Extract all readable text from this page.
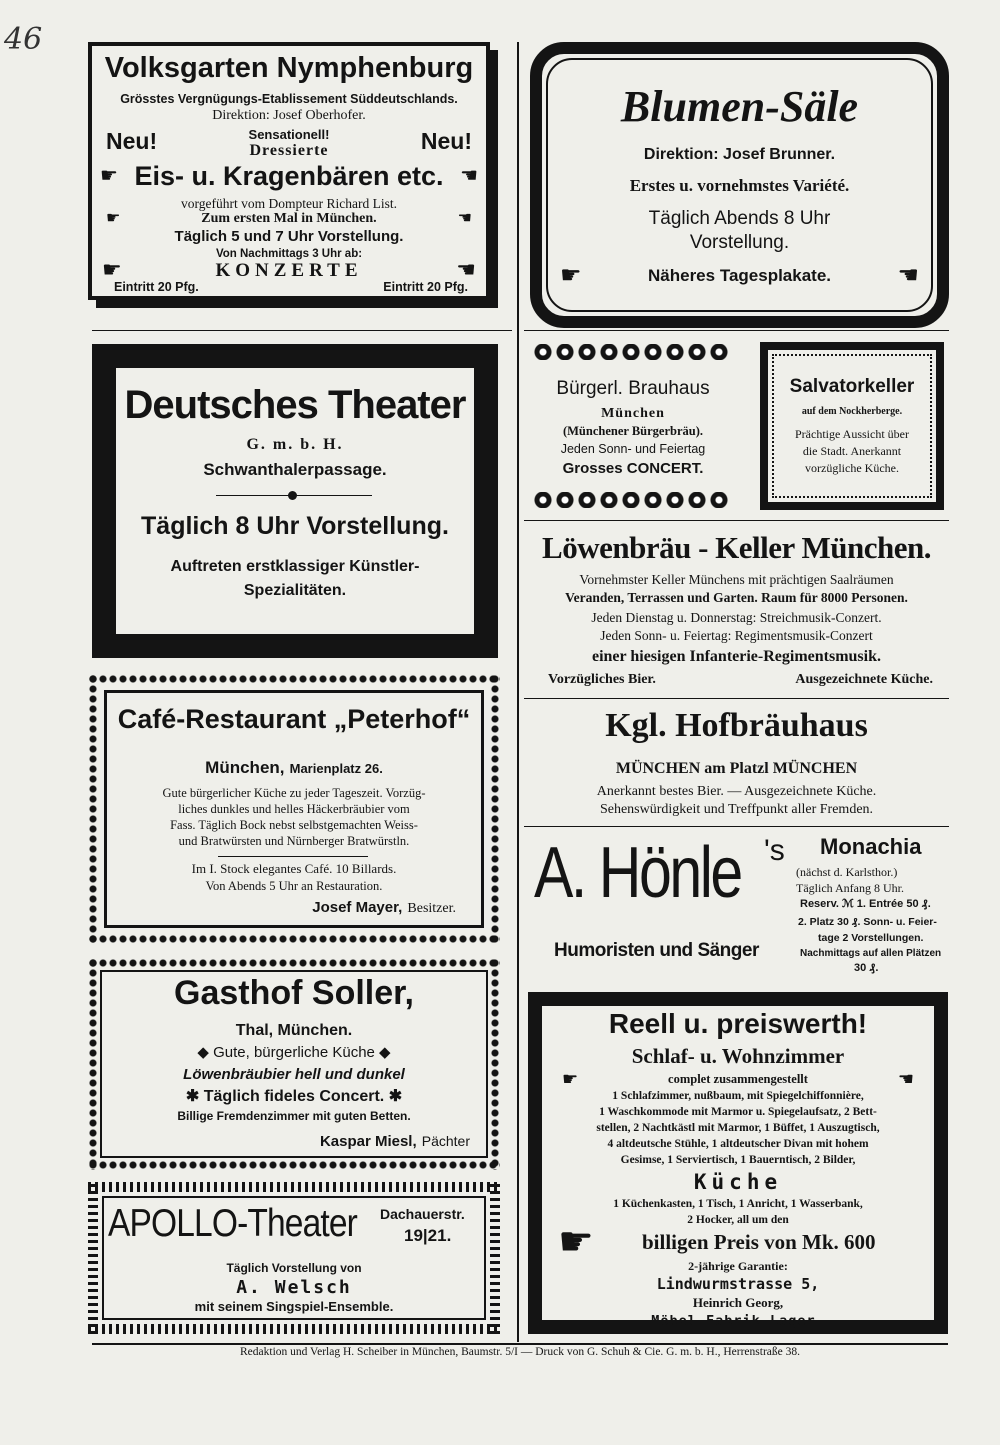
46
Volksgarten Nymphenburg
Grösstes Vergnügungs-Etablissement Süddeutschlands.
Direktion: Josef Oberhofer.
Neu!	Sensationell!
Dressierte	Neu!
☛ Eis- u. Kragenbären etc. ☚
vorgeführt vom Dompteur Richard List.
☛	Zum ersten Mal in München.	☚
Täglich 5 und 7 Uhr Vorstellung.
Von Nachmittags 3 Uhr ab:
☛	KONZERTE	☚
Eintritt 20 Pfg.	Eintritt 20 Pfg.
Blumen-Säle
Direktion: Josef Brunner.
Erstes u. vornehmstes Variété.
Täglich Abends 8 Uhr
Vorstellung.
☛	Näheres Tagesplakate.	☚
Deutsches Theater
G. m. b. H.
Schwanthalerpassage.
Täglich 8 Uhr Vorstellung.
Auftreten erstklassiger Künstler-
Spezialitäten.
Bürgerl. Brauhaus
München
(Münchener Bürgerbräu).
Jeden Sonn- und Feiertag
Grosses CONCERT.
Salvatorkeller
auf dem Nockherberge.
Prächtige Aussicht über
die Stadt. Anerkannt
vorzügliche Küche.
Löwenbräu - Keller München.
Vornehmster Keller Münchens mit prächtigen Saalräumen
Veranden, Terrassen und Garten. Raum für 8000 Personen.
Jeden Dienstag u. Donnerstag: Streichmusik-Conzert.
Jeden Sonn- u. Feiertag: Regimentsmusik-Conzert
einer hiesigen Infanterie-Regimentsmusik.
Vorzügliches Bier.	Ausgezeichnete Küche.
Café-Restaurant „Peterhof“
München, Marienplatz 26.
Gute bürgerlicher Küche zu jeder Tageszeit. Vorzüg-
liches dunkles und helles Häckerbräubier vom
Fass. Täglich Bock nebst selbstgemachten Weiss-
und Bratwürsten und Nürnberger Bratwürstln.
Im I. Stock elegantes Café. 10 Billards.
Von Abends 5 Uhr an Restauration.
Josef Mayer, Besitzer.
Kgl. Hofbräuhaus
MÜNCHEN am Platzl MÜNCHEN
Anerkannt bestes Bier. — Ausgezeichnete Küche.
Sehenswürdigkeit und Treffpunkt aller Fremden.
A. Hönle 's
Humoristen und Sänger
Monachia
(nächst d. Karlsthor.)
Täglich Anfang 8 Uhr.
Reserv. ℳ 1. Entrée 50 ₰.
2. Platz 30 ₰. Sonn- u. Feier-
tage 2 Vorstellungen.
Nachmittags auf allen Plätzen
30 ₰.
Gasthof Soller,
Thal, München.
◆ Gute, bürgerliche Küche ◆
Löwenbräubier hell und dunkel
✱ Täglich fideles Concert. ✱
Billige Fremdenzimmer mit guten Betten.
Kaspar Miesl, Pächter
Reell u. preiswerth!
Schlaf- u. Wohnzimmer
☛	complet zusammengestellt	☚
1 Schlafzimmer, nußbaum, mit Spiegelchiffonnière,
1 Waschkommode mit Marmor u. Spiegelaufsatz, 2 Bett-
stellen, 2 Nachtkästl mit Marmor, 1 Büffet, 1 Auszugtisch,
4 altdeutsche Stühle, 1 altdeutscher Divan mit hohem
Gesimse, 1 Serviertisch, 1 Bauerntisch, 2 Bilder,
Küche
1 Küchenkasten, 1 Tisch, 1 Anricht, 1 Wasserbank,
2 Hocker, all um den
☛ billigen Preis von Mk. 600
2-jährige Garantie:
Lindwurmstrasse 5,
Heinrich Georg,
Möbel-Fabrik-Lager.
APOLLO-Theater	Dachauerstr.
19|21.
Täglich Vorstellung von
A. Welsch
mit seinem Singspiel-Ensemble.
Redaktion und Verlag H. Scheiber in München, Baumstr. 5/I — Druck von G. Schuh & Cie. G. m. b. H., Herrenstraße 38.
